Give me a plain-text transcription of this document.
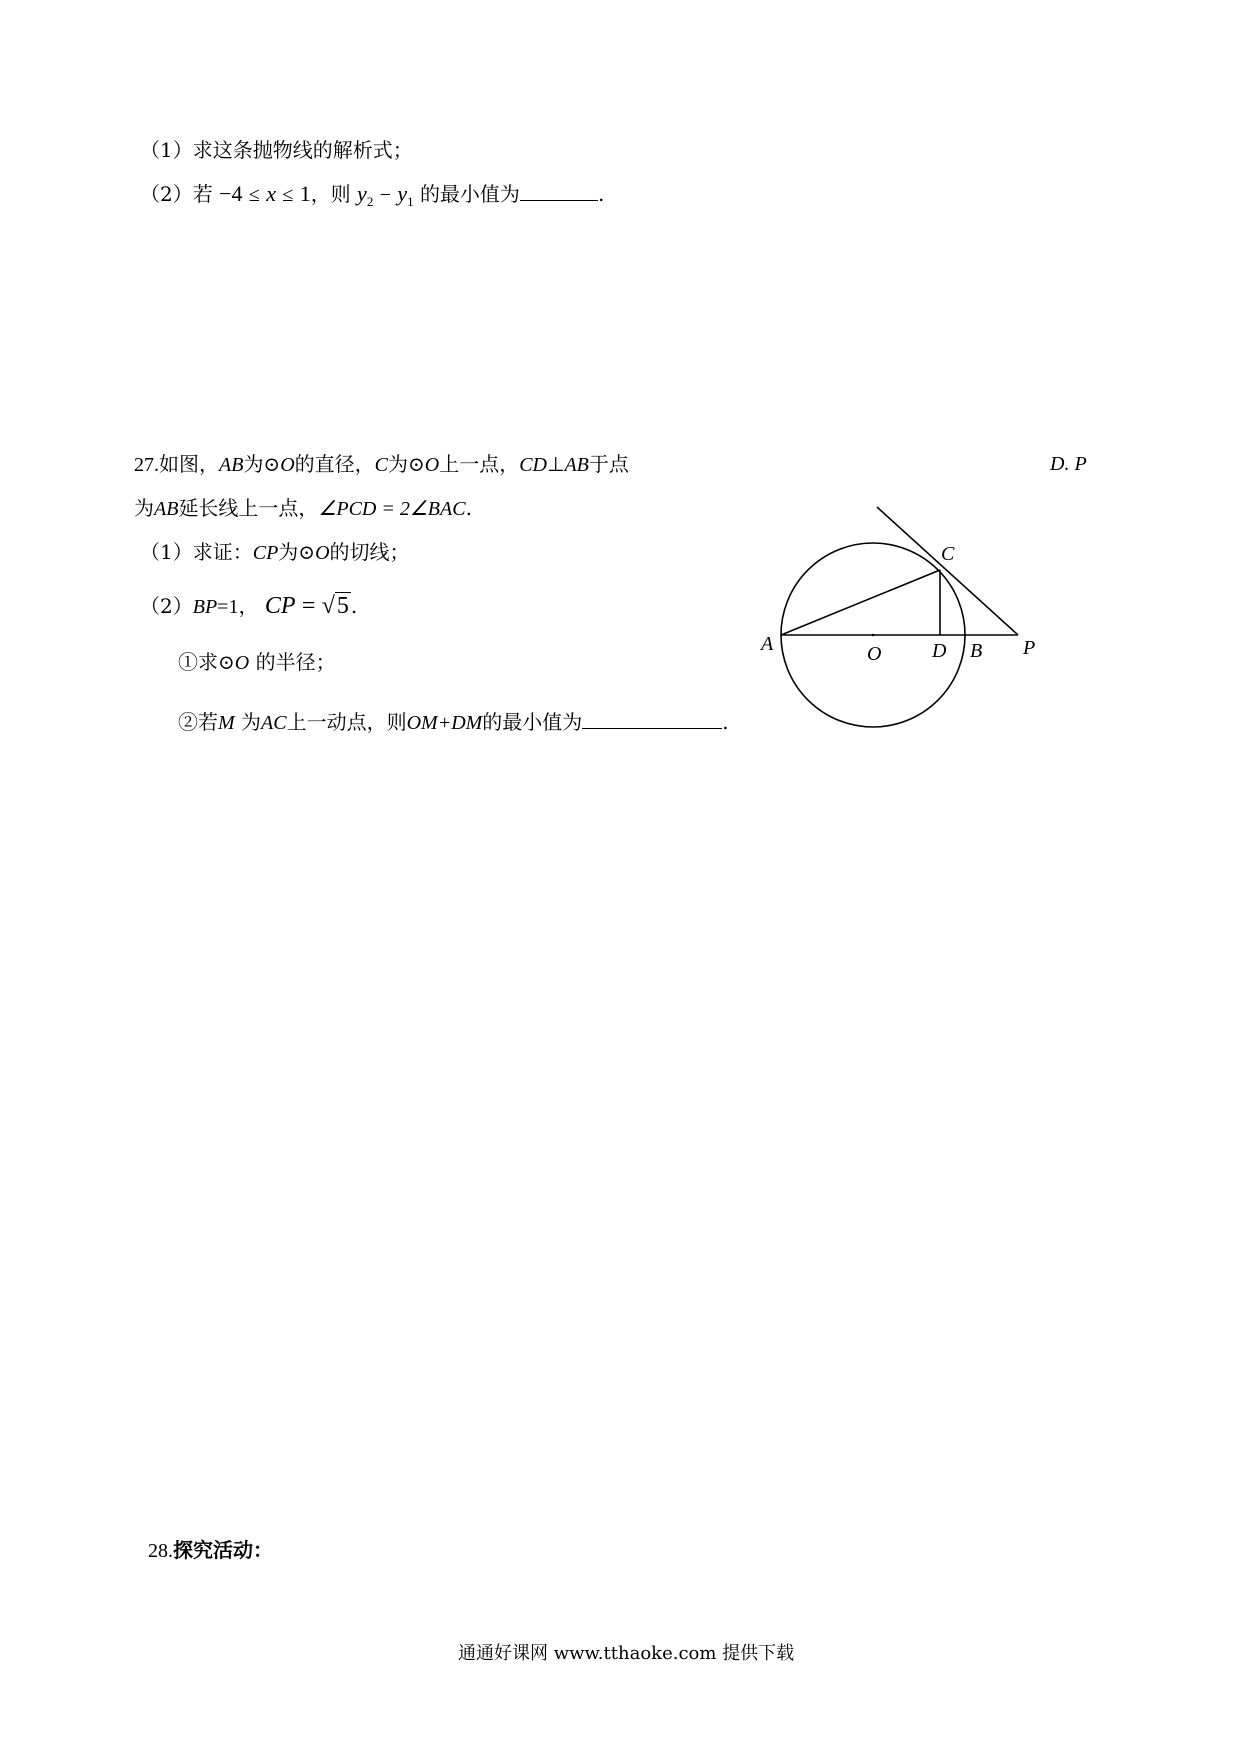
（1）求这条抛物线的解析式；
（2）若 −4 ≤ x ≤ 1，则 $y_2 - y_1$ 的最小值为	.
27.如图，AB为⊙O的直径，C为⊙O上一点，CD⊥AB于点	D. P
为AB延长线上一点，∠PCD = 2∠BAC.
（1）求证：CP为⊙O的切线；
（2）BP=1， CP = √5 .
①求⊙O 的半径；
②若M 为AC上一动点，则OM+DM的最小值为	.
A	O	D B P
C
28.探究活动：
通通好课网 www.tthaoke.com 提供下载
